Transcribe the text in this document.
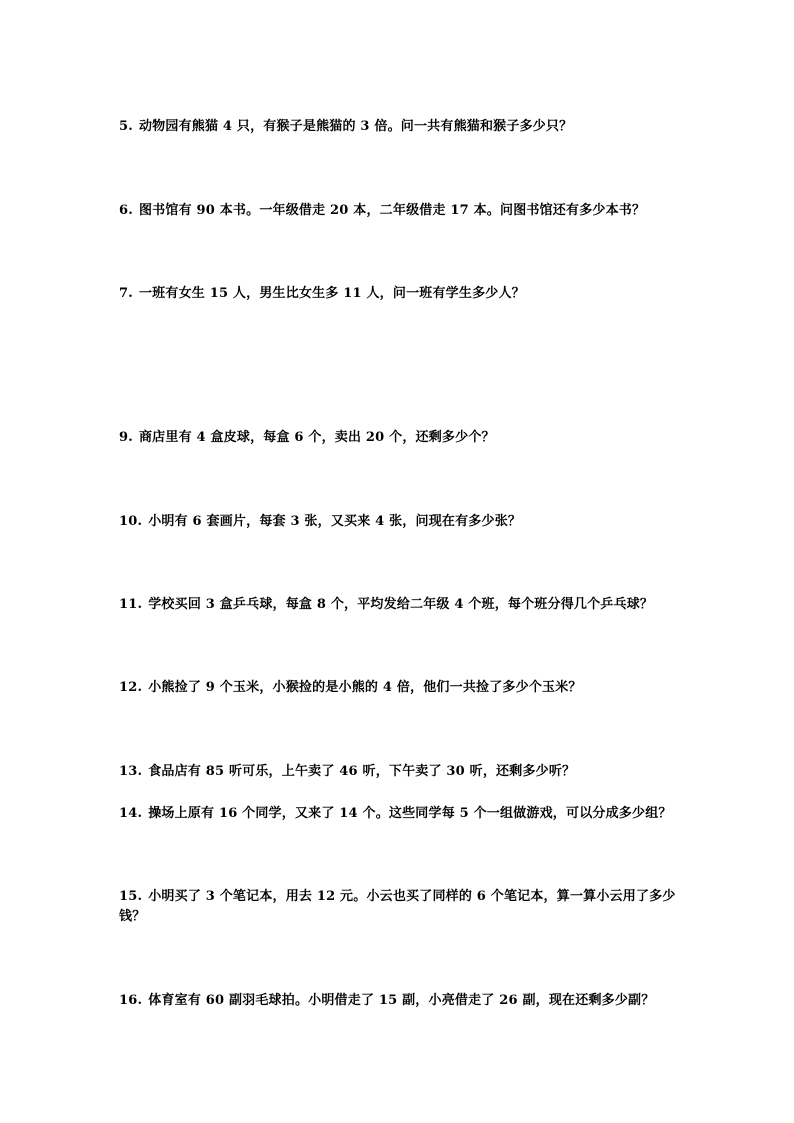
5. 动物园有熊猫 4 只，有猴子是熊猫的 3 倍。问一共有熊猫和猴子多少只？
6. 图书馆有 90 本书。一年级借走 20 本，二年级借走 17 本。问图书馆还有多少本书？
7. 一班有女生 15 人，男生比女生多 11 人，问一班有学生多少人？
9. 商店里有 4 盒皮球，每盒 6 个，卖出 20 个，还剩多少个？
10. 小明有 6 套画片，每套 3 张，又买来 4 张，问现在有多少张？
11. 学校买回 3 盒乒乓球，每盒 8 个，平均发给二年级 4 个班，每个班分得几个乒乓球？
12. 小熊捡了 9 个玉米，小猴捡的是小熊的 4 倍，他们一共捡了多少个玉米？
13. 食品店有 85 听可乐，上午卖了 46 听，下午卖了 30 听，还剩多少听？
14. 操场上原有 16 个同学，又来了 14 个。这些同学每 5 个一组做游戏，可以分成多少组？
15. 小明买了 3 个笔记本，用去 12 元。小云也买了同样的 6 个笔记本，算一算小云用了多少钱？
16. 体育室有 60 副羽毛球拍。小明借走了 15 副，小亮借走了 26 副，现在还剩多少副？
